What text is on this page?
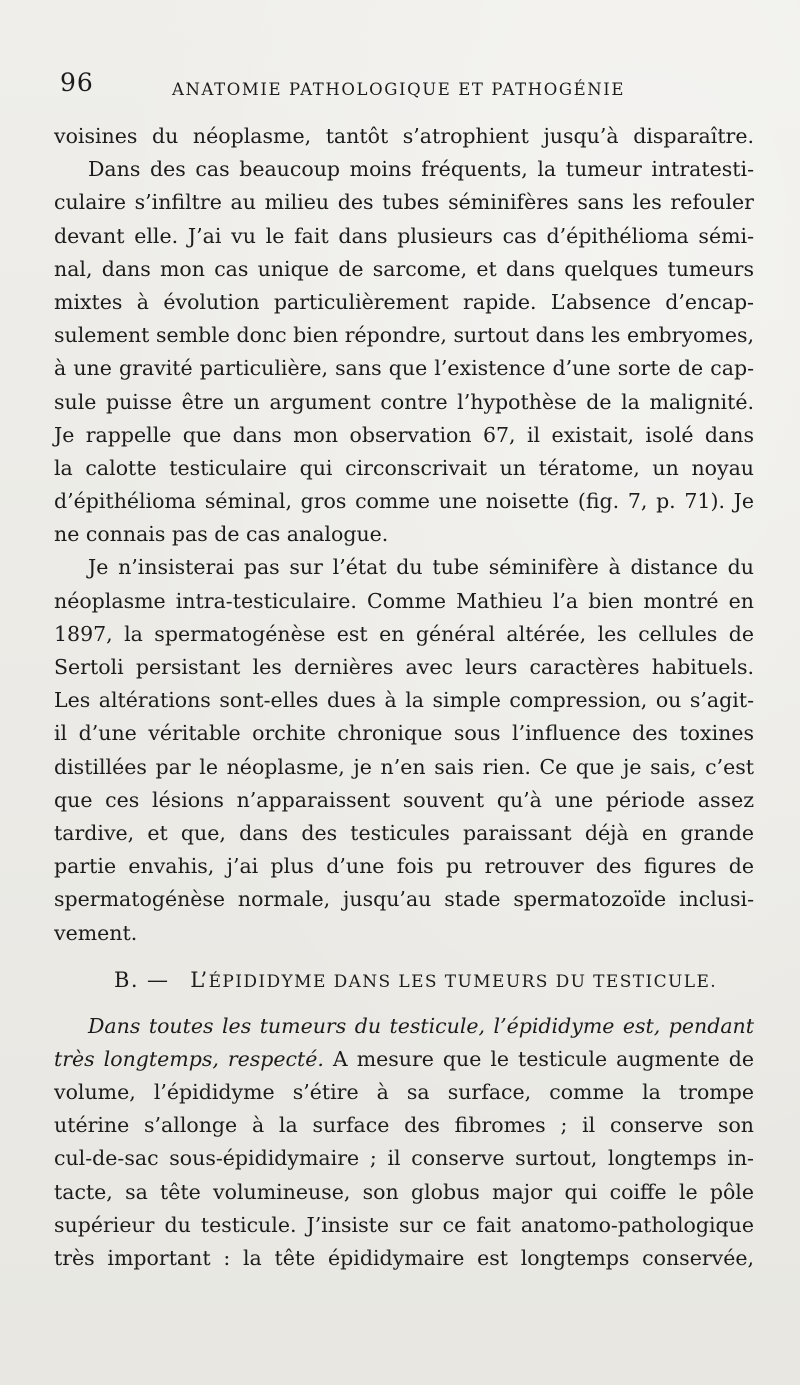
96	ANATOMIE PATHOLOGIQUE ET PATHOGÉNIE
voisines du néoplasme, tantôt s’atrophient jusqu’à disparaître.
Dans des cas beaucoup moins fréquents, la tumeur intratesti-
culaire s’infiltre au milieu des tubes séminifères sans les refouler
devant elle. J’ai vu le fait dans plusieurs cas d’épithélioma sémi-
nal, dans mon cas unique de sarcome, et dans quelques tumeurs
mixtes à évolution particulièrement rapide. L’absence d’encap-
sulement semble donc bien répondre, surtout dans les embryomes,
à une gravité particulière, sans que l’existence d’une sorte de cap-
sule puisse être un argument contre l’hypothèse de la malignité.
Je rappelle que dans mon observation 67, il existait, isolé dans
la calotte testiculaire qui circonscrivait un tératome, un noyau
d’épithélioma séminal, gros comme une noisette (fig. 7, p. 71). Je
ne connais pas de cas analogue.
Je n’insisterai pas sur l’état du tube séminifère à distance du
néoplasme intra-testiculaire. Comme Mathieu l’a bien montré en
1897, la spermatogénèse est en général altérée, les cellules de
Sertoli persistant les dernières avec leurs caractères habituels.
Les altérations sont-elles dues à la simple compression, ou s’agit-
il d’une véritable orchite chronique sous l’influence des toxines
distillées par le néoplasme, je n’en sais rien. Ce que je sais, c’est
que ces lésions n’apparaissent souvent qu’à une période assez
tardive, et que, dans des testicules paraissant déjà en grande
partie envahis, j’ai plus d’une fois pu retrouver des figures de
spermatogénèse normale, jusqu’au stade spermatozoïde inclusi-
vement.
B. — L’ÉPIDIDYME DANS LES TUMEURS DU TESTICULE.
Dans toutes les tumeurs du testicule, l’épididyme est, pendant
très longtemps, respecté. A mesure que le testicule augmente de
volume, l’épididyme s’étire à sa surface, comme la trompe
utérine s’allonge à la surface des fibromes ; il conserve son
cul-de-sac sous-épididymaire ; il conserve surtout, longtemps in-
tacte, sa tête volumineuse, son globus major qui coiffe le pôle
supérieur du testicule. J’insiste sur ce fait anatomo-pathologique
très important : la tête épididymaire est longtemps conservée,
